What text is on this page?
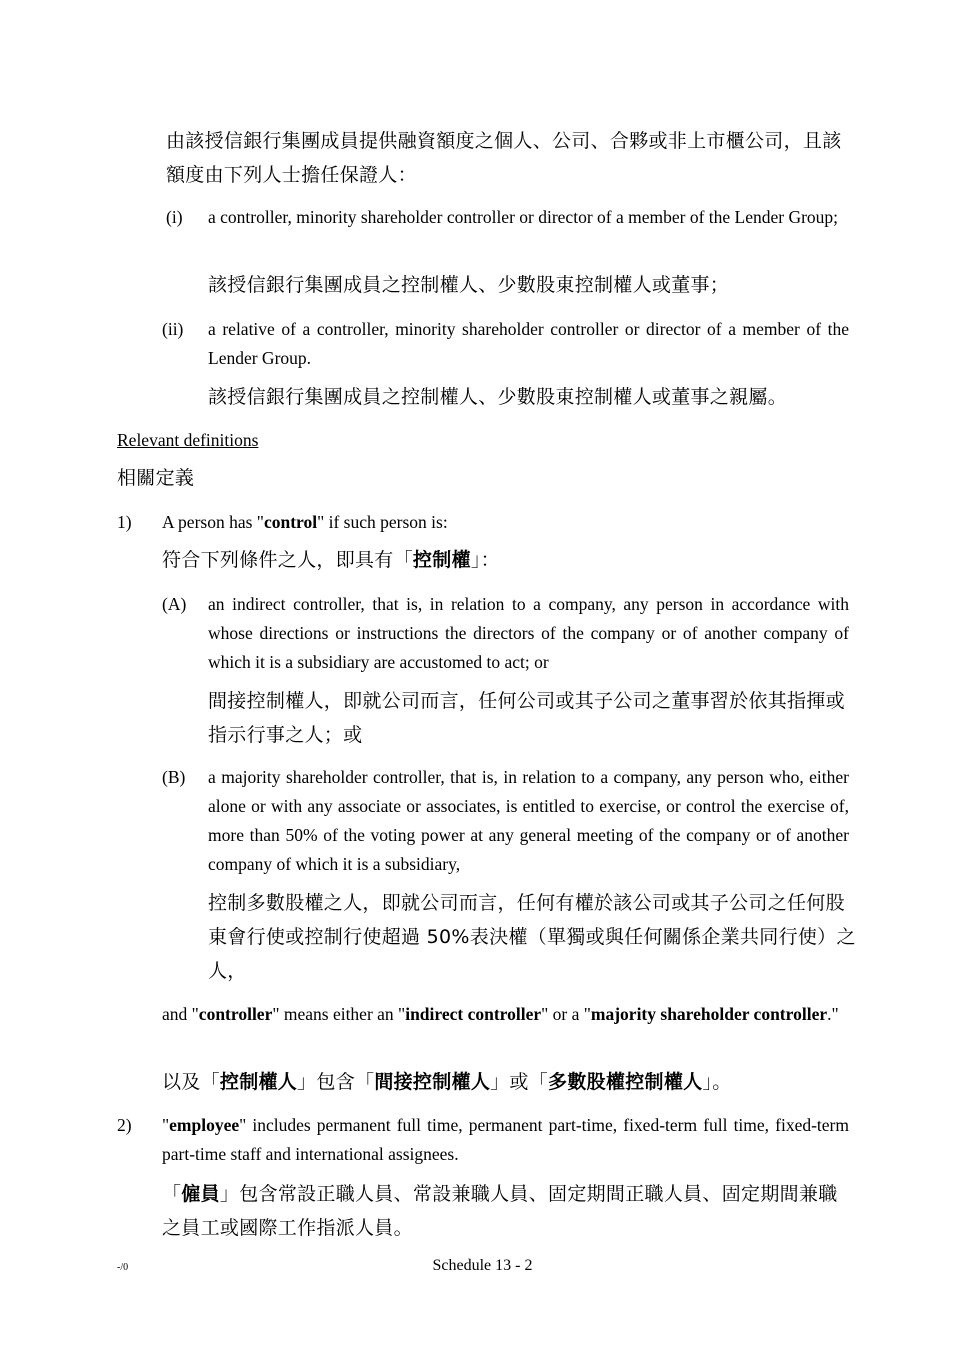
由該授信銀行集團成員提供融資額度之個人、公司、合夥或非上市櫃公司，且該額度由下列人士擔任保證人：
(i) a controller, minority shareholder controller or director of a member of the Lender Group;
該授信銀行集團成員之控制權人、少數股東控制權人或董事；
(ii) a relative of a controller, minority shareholder controller or director of a member of the Lender Group.
該授信銀行集團成員之控制權人、少數股東控制權人或董事之親屬。
Relevant definitions
相關定義
1) A person has "control" if such person is:
符合下列條件之人，即具有「控制權」：
(A) an indirect controller, that is, in relation to a company, any person in accordance with whose directions or instructions the directors of the company or of another company of which it is a subsidiary are accustomed to act; or
間接控制權人，即就公司而言，任何公司或其子公司之董事習於依其指揮或指示行事之人；或
(B) a majority shareholder controller, that is, in relation to a company, any person who, either alone or with any associate or associates, is entitled to exercise, or control the exercise of, more than 50% of the voting power at any general meeting of the company or of another company of which it is a subsidiary,
控制多數股權之人，即就公司而言，任何有權於該公司或其子公司之任何股東會行使或控制行使超過 50%表決權（單獨或與任何關係企業共同行使）之人，
and "controller" means either an "indirect controller" or a "majority shareholder controller."
以及「控制權人」包含「間接控制權人」或「多數股權控制權人」。
2) "employee" includes permanent full time, permanent part-time, fixed-term full time, fixed-term part-time staff and international assignees.
「僱員」包含常設正職人員、常設兼職人員、固定期間正職人員、固定期間兼職之員工或國際工作指派人員。
-/0	Schedule 13 - 2
